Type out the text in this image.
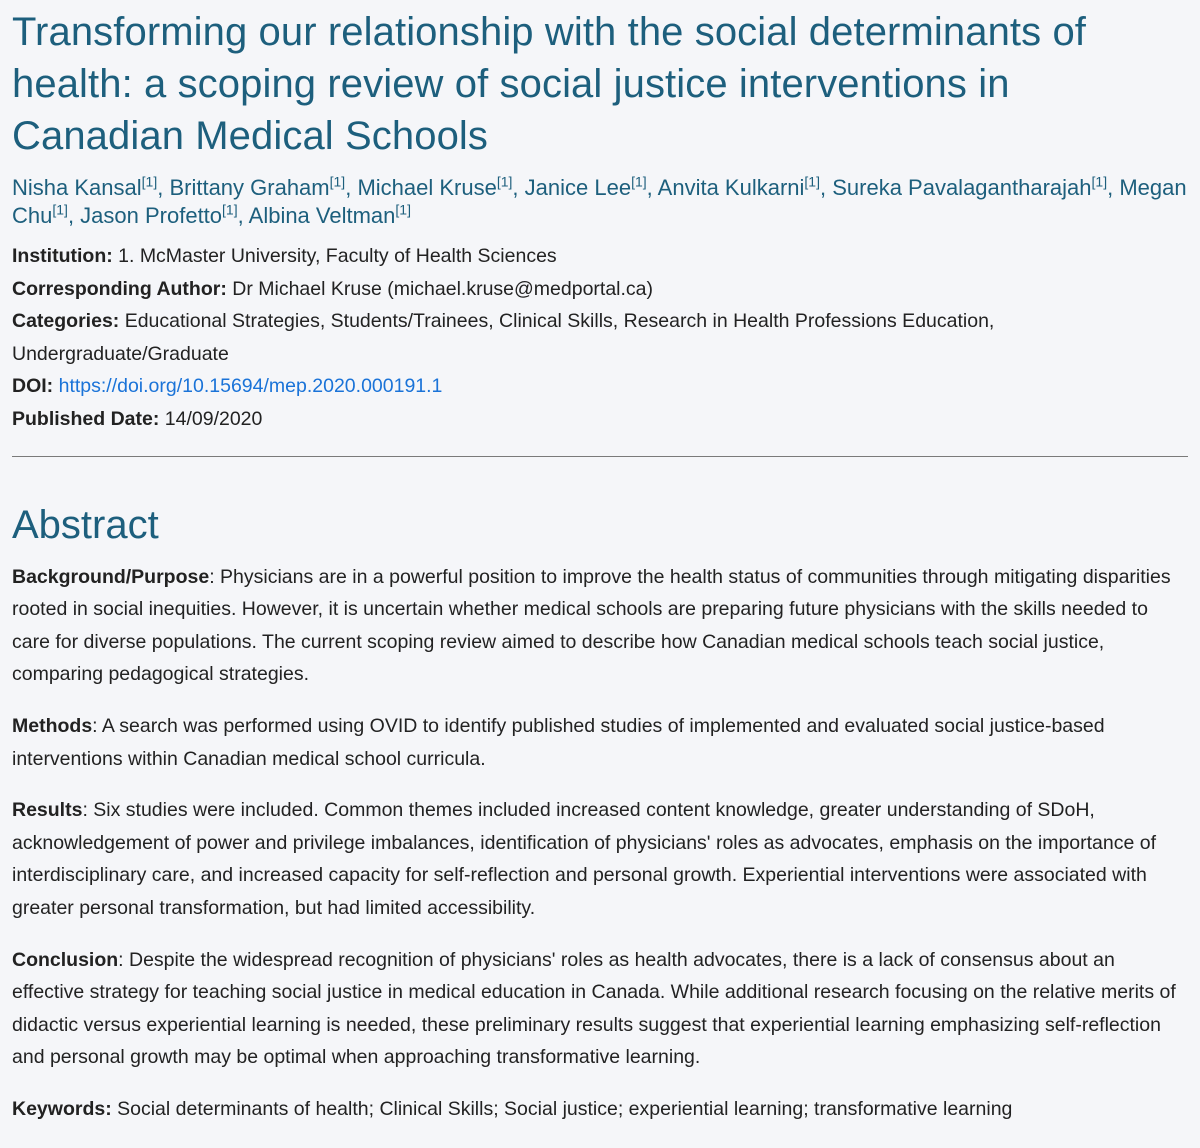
Transforming our relationship with the social determinants of health: a scoping review of social justice interventions in Canadian Medical Schools
Nisha Kansal[1], Brittany Graham[1], Michael Kruse[1], Janice Lee[1], Anvita Kulkarni[1], Sureka Pavalagantharajah[1], Megan Chu[1], Jason Profetto[1], Albina Veltman[1]
Institution: 1. McMaster University, Faculty of Health Sciences
Corresponding Author: Dr Michael Kruse (michael.kruse@medportal.ca)
Categories: Educational Strategies, Students/Trainees, Clinical Skills, Research in Health Professions Education, Undergraduate/Graduate
DOI: https://doi.org/10.15694/mep.2020.000191.1
Published Date: 14/09/2020
Abstract

Background/Purpose: Physicians are in a powerful position to improve the health status of communities through mitigating disparities rooted in social inequities. However, it is uncertain whether medical schools are preparing future physicians with the skills needed to care for diverse populations. The current scoping review aimed to describe how Canadian medical schools teach social justice, comparing pedagogical strategies.

Methods: A search was performed using OVID to identify published studies of implemented and evaluated social justice-based interventions within Canadian medical school curricula.

Results: Six studies were included. Common themes included increased content knowledge, greater understanding of SDoH, acknowledgement of power and privilege imbalances, identification of physicians' roles as advocates, emphasis on the importance of interdisciplinary care, and increased capacity for self-reflection and personal growth. Experiential interventions were associated with greater personal transformation, but had limited accessibility.

Conclusion: Despite the widespread recognition of physicians' roles as health advocates, there is a lack of consensus about an effective strategy for teaching social justice in medical education in Canada. While additional research focusing on the relative merits of didactic versus experiential learning is needed, these preliminary results suggest that experiential learning emphasizing self-reflection and personal growth may be optimal when approaching transformative learning.

Keywords: Social determinants of health; Clinical Skills; Social justice; experiential learning; transformative learning
